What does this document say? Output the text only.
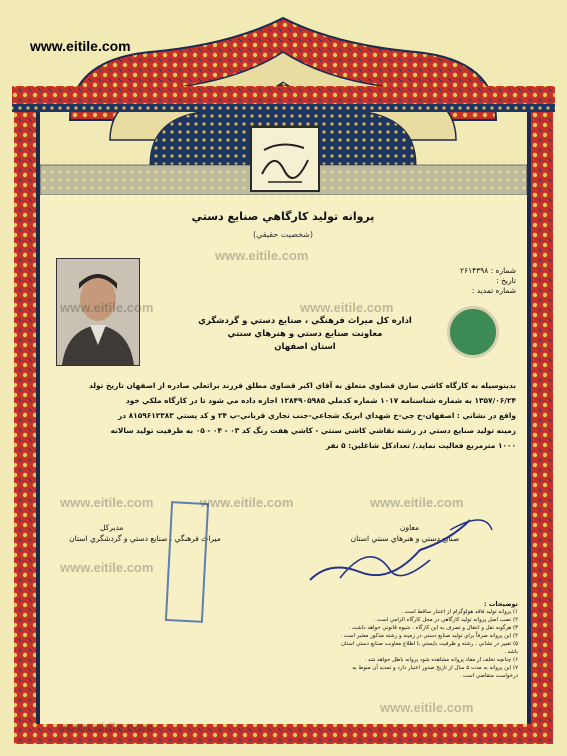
www.eitile.com
پروانه تولید کارگاهي صنایع دستي
(شخصیت حقیقي)
شماره : ۲۶۱۴۳۹۸
تاریخ :
شماره تمدید :
اداره کل میراث فرهنگي ، صنایع دستي و گردشگري
معاونت صنایع دستي و هنرهاي سنتي
استان اصفهان
بدینوسیله به کارگاه کاشي سازي قضاوي متعلق به آقاي اکبر قضاوي مطلق فرزند براتعلي صادره از اصفهان تاریخ تولد
۱۳۵۷/۰۶/۲۴ به شماره شناسنامه ۱۰۱۷ شماره کدملي ۱۲۸۴۹۰۵۹۸۵ اجازه داده مي شود تا در کارگاه ملکي خود
واقع در نشاني : اصفهان-خ جي-خ شهداي ابریک شجاعي-جنب تجاري قرباني-پ ۲۴ و کد پستي ۸۱۵۹۶۱۲۳۸۳ در
زمینه تولید صنایع دستي در رشته نقاشي کاشي سنتي - کاشي هفت رنگ کد ۰۳ - ۰۴ - ۰۵ به ظرفیت تولید سالانه
۱۰۰۰ مترمربع فعالیت نماید./ تعدادکل شاغلین: ۵ نفر
مدیرکل
میراث فرهنگي ، صنایع دستي و گردشگري استان
معاون
صنایع دستي و هنرهاي سنتي استان
توضیحات :
۱) پروانه تولید فاقد هولوگرام از اعتبار ساقط است .
۲) نصب اصل پروانه تولید کارگاهي در محل کارگاه الزامي است .
۳) هرگونه نقل و انتقال و تصرف به اين کارگاه ، شیوه قانوني خواهد داشت .
۴) اين پروانه صرفاً براي تولید صنایع دستي در زمینه و رشته مذکور معتبر است .
۵) تغییر در نشاني ، رشته و ظرفیت بایستي با اطلاع معاونت صنایع دستي استان باشد .
۶) چنانچه تخلف از مفاد پروانه مشاهده شود پروانه باطل خواهد شد .
۷) اين پروانه به مدت ۵ سال از تاریخ صدور اعتبار دارد و تمدید آن منوط به درخواست متقاضي است .
www.eitile.com
www.eitile.com
www.eitile.com
www.eitile.com	www.eitile.com	www.eitile.com
www.eitile.com
www.eitile.com
www.eitile.com
